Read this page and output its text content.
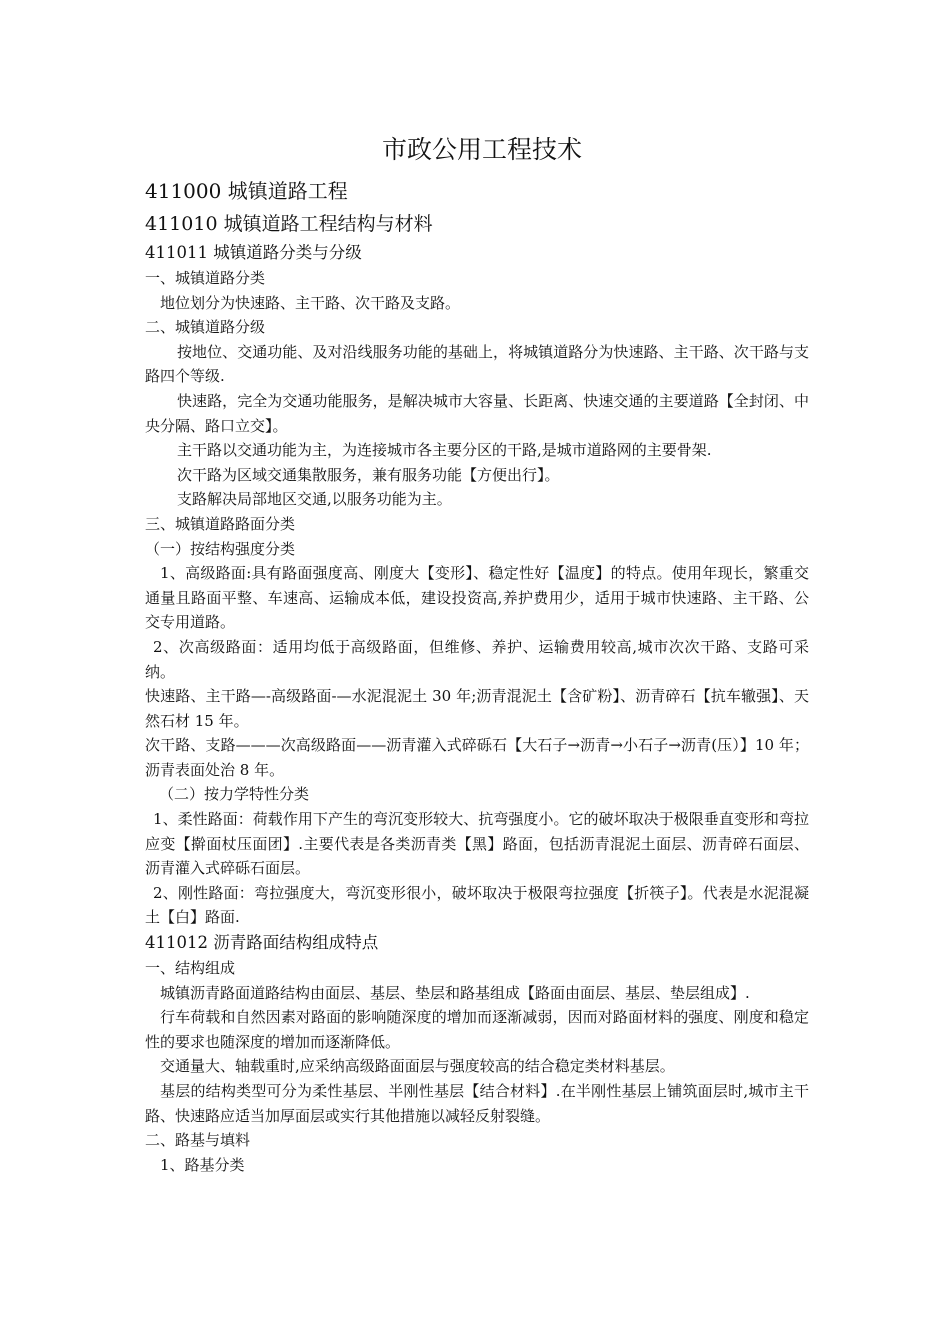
市政公用工程技术

411000 城镇道路工程

411010 城镇道路工程结构与材料

411011 城镇道路分类与分级

一、城镇道路分类

地位划分为快速路、主干路、次干路及支路。

二、城镇道路分级

按地位、交通功能、及对沿线服务功能的基础上，将城镇道路分为快速路、主干路、次干路与支路四个等级.

快速路，完全为交通功能服务，是解决城市大容量、长距离、快速交通的主要道路【全封闭、中央分隔、路口立交】。

主干路以交通功能为主，为连接城市各主要分区的干路,是城市道路网的主要骨架.

次干路为区域交通集散服务，兼有服务功能【方便出行】。

支路解决局部地区交通,以服务功能为主。

三、城镇道路路面分类

（一）按结构强度分类

1、高级路面:具有路面强度高、刚度大【变形】、稳定性好【温度】的特点。使用年现长，繁重交通量且路面平整、车速高、运输成本低，建设投资高,养护费用少，适用于城市快速路、主干路、公交专用道路。

2、次高级路面：适用均低于高级路面，但维修、养护、运输费用较高,城市次次干路、支路可采纳。

快速路、主干路—-高级路面-—水泥混泥土 30 年;沥青混泥土【含矿粉】、沥青碎石【抗车辙强】、天然石材 15 年。

次干路、支路———次高级路面——沥青灌入式碎砾石【大石子→沥青→小石子→沥青(压）】10 年；沥青表面处治 8 年。

（二）按力学特性分类

1、柔性路面：荷载作用下产生的弯沉变形较大、抗弯强度小。它的破坏取决于极限垂直变形和弯拉应变【擀面杖压面团】.主要代表是各类沥青类【黑】路面，包括沥青混泥土面层、沥青碎石面层、沥青灌入式碎砾石面层。

2、刚性路面：弯拉强度大，弯沉变形很小，破坏取决于极限弯拉强度【折筷子】。代表是水泥混凝土【白】路面.

411012 沥青路面结构组成特点

一、结构组成

城镇沥青路面道路结构由面层、基层、垫层和路基组成【路面由面层、基层、垫层组成】.

行车荷载和自然因素对路面的影响随深度的增加而逐渐减弱，因而对路面材料的强度、刚度和稳定性的要求也随深度的增加而逐渐降低。

交通量大、轴载重时,应采纳高级路面面层与强度较高的结合稳定类材料基层。

基层的结构类型可分为柔性基层、半刚性基层【结合材料】.在半刚性基层上铺筑面层时,城市主干路、快速路应适当加厚面层或实行其他措施以减轻反射裂缝。

二、路基与填料

1、路基分类
